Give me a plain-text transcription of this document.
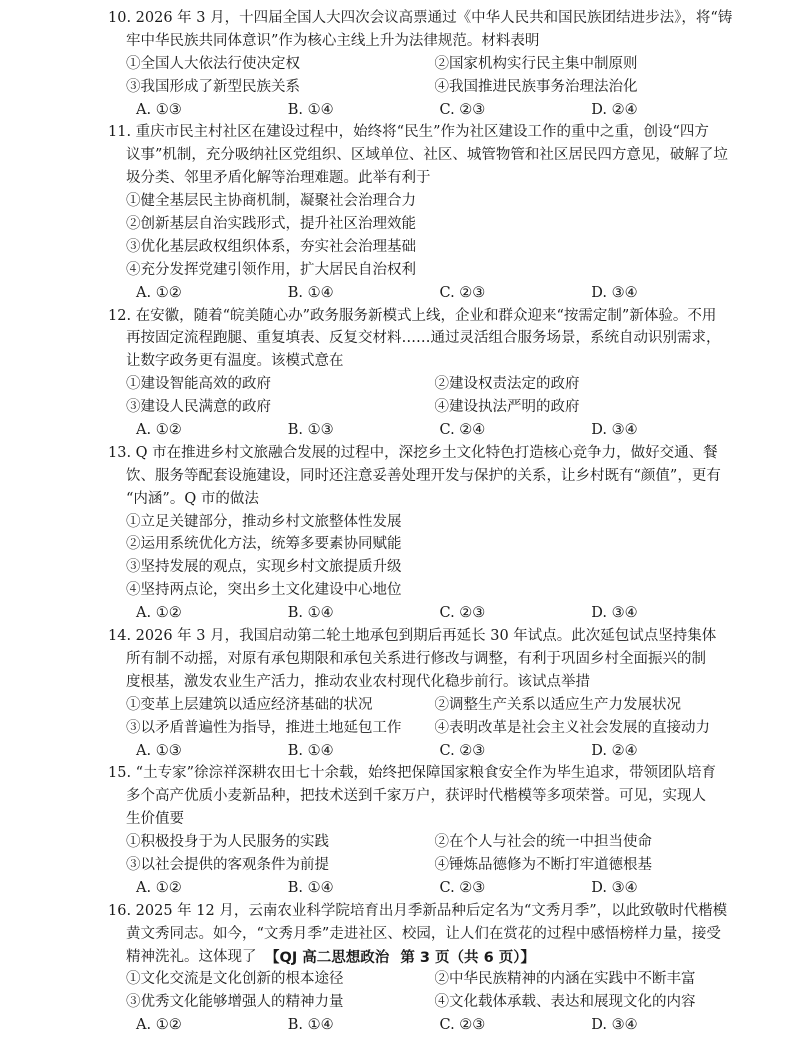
10. 2026 年 3 月，十四届全国人大四次会议高票通过《中华人民共和国民族团结进步法》，将“铸
牢中华民族共同体意识”作为核心主线上升为法律规范。材料表明
①全国人大依法行使决定权	②国家机构实行民主集中制原则
③我国形成了新型民族关系	④我国推进民族事务治理法治化
A. ①③	B. ①④	C. ②③	D. ②④
11. 重庆市民主村社区在建设过程中，始终将“民生”作为社区建设工作的重中之重，创设“四方
议事”机制，充分吸纳社区党组织、区域单位、社区、城管物管和社区居民四方意见，破解了垃
圾分类、邻里矛盾化解等治理难题。此举有利于
①健全基层民主协商机制，凝聚社会治理合力
②创新基层自治实践形式，提升社区治理效能
③优化基层政权组织体系，夯实社会治理基础
④充分发挥党建引领作用，扩大居民自治权利
A. ①②	B. ①④	C. ②③	D. ③④
12. 在安徽，随着“皖美随心办”政务服务新模式上线，企业和群众迎来“按需定制”新体验。不用
再按固定流程跑腿、重复填表、反复交材料……通过灵活组合服务场景，系统自动识别需求，
让数字政务更有温度。该模式意在
①建设智能高效的政府	②建设权责法定的政府
③建设人民满意的政府	④建设执法严明的政府
A. ①②	B. ①③	C. ②④	D. ③④
13. Q 市在推进乡村文旅融合发展的过程中，深挖乡土文化特色打造核心竞争力，做好交通、餐
饮、服务等配套设施建设，同时还注意妥善处理开发与保护的关系，让乡村既有“颜值”，更有
“内涵”。Q 市的做法
①立足关键部分，推动乡村文旅整体性发展
②运用系统优化方法，统筹多要素协同赋能
③坚持发展的观点，实现乡村文旅提质升级
④坚持两点论，突出乡土文化建设中心地位
A. ①②	B. ①④	C. ②③	D. ③④
14. 2026 年 3 月，我国启动第二轮土地承包到期后再延长 30 年试点。此次延包试点坚持集体
所有制不动摇，对原有承包期限和承包关系进行修改与调整，有利于巩固乡村全面振兴的制
度根基，激发农业生产活力，推动农业农村现代化稳步前行。该试点举措
①变革上层建筑以适应经济基础的状况	②调整生产关系以适应生产力发展状况
③以矛盾普遍性为指导，推进土地延包工作	④表明改革是社会主义社会发展的直接动力
A. ①③	B. ①④	C. ②③	D. ②④
15. “土专家”徐淙祥深耕农田七十余载，始终把保障国家粮食安全作为毕生追求，带领团队培育
多个高产优质小麦新品种，把技术送到千家万户，获评时代楷模等多项荣誉。可见，实现人
生价值要
①积极投身于为人民服务的实践	②在个人与社会的统一中担当使命
③以社会提供的客观条件为前提	④锤炼品德修为不断打牢道德根基
A. ①②	B. ①④	C. ②③	D. ③④
16. 2025 年 12 月，云南农业科学院培育出月季新品种后定名为“文秀月季”，以此致敬时代楷模
黄文秀同志。如今，“文秀月季”走进社区、校园，让人们在赏花的过程中感悟榜样力量，接受
精神洗礼。这体现了
①文化交流是文化创新的根本途径	②中华民族精神的内涵在实践中不断丰富
③优秀文化能够增强人的精神力量	④文化载体承载、表达和展现文化的内容
A. ①②	B. ①④	C. ②③	D. ③④
【QJ 高二思想政治 第 3 页（共 6 页）】
